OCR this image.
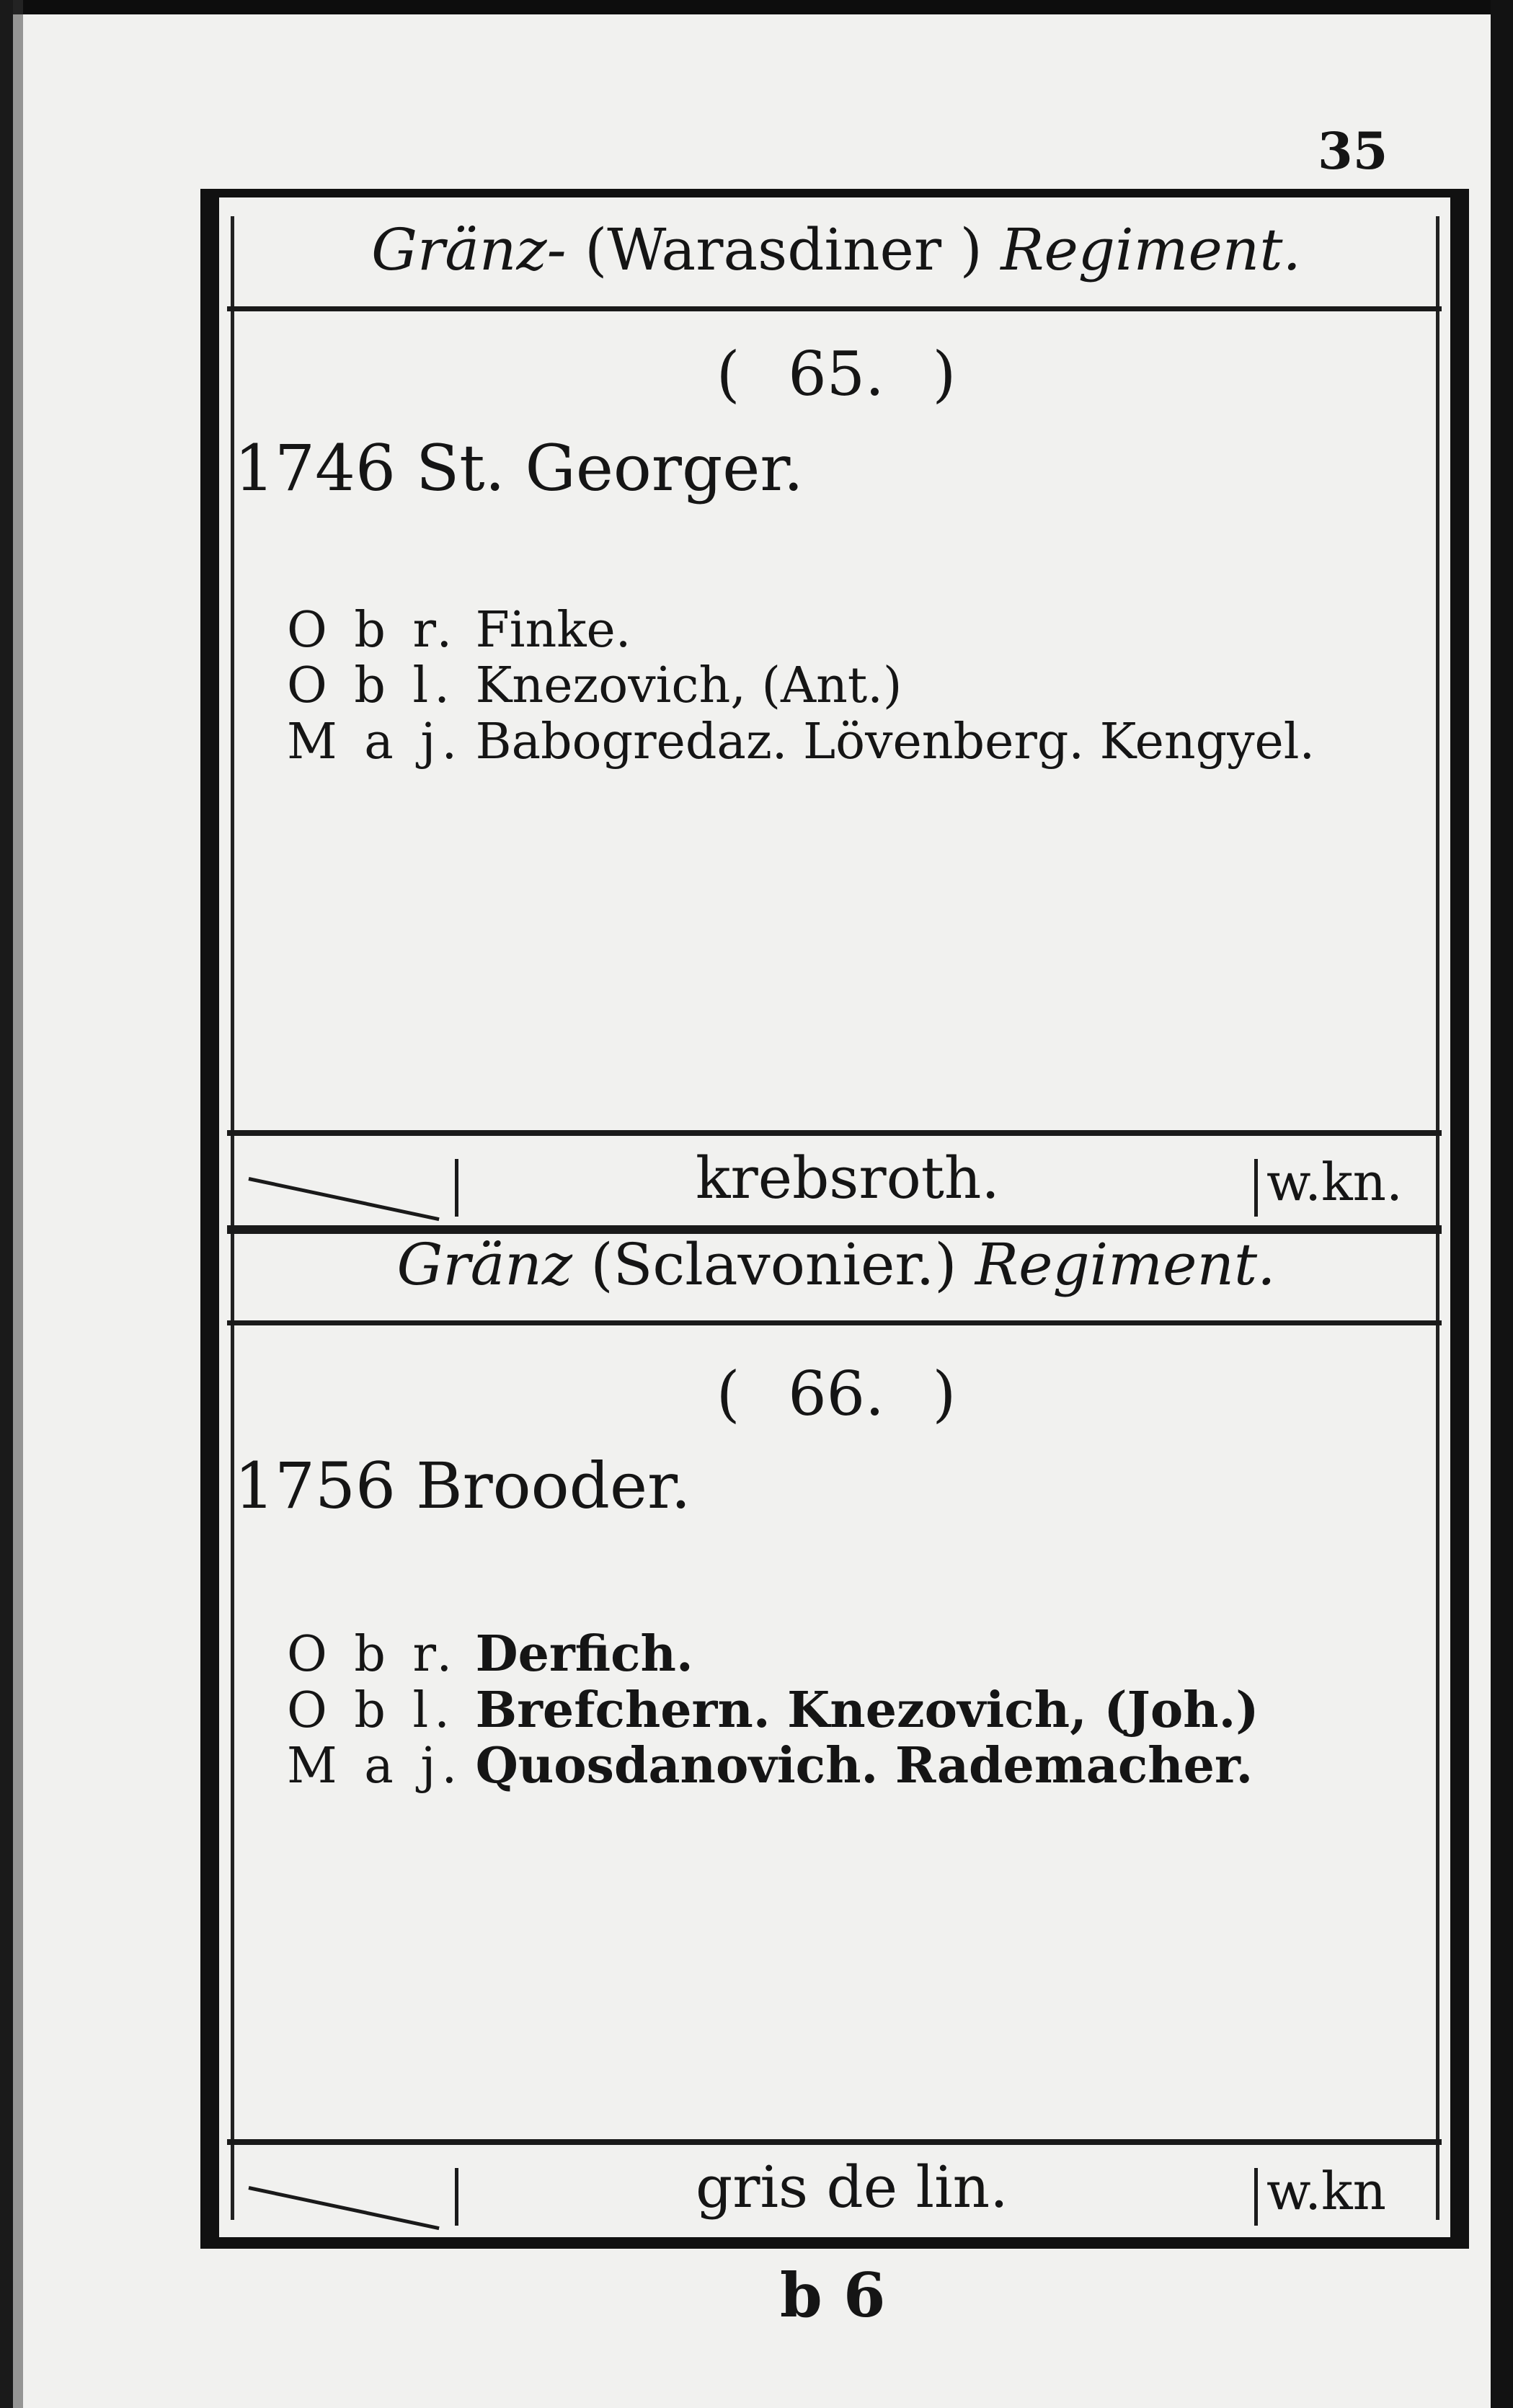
35

Gränz- (Warasdiner ) Regiment.

( 65. )

1746 St. Georger.

O b r. Finke.

O b l. Knezovich, (Ant.)

M a j. Babogredaz. Lövenberg. Kengyel.

krebsroth.	w.kn.

Gränz (Sclavonier.) Regiment.

( 66. )

1756 Brooder.

O b r. Derfich.

O b l. Brefchern. Knezovich, (Joh.)

M a j. Quosdanovich. Rademacher.

gris de lin.	w.kn

b 6
